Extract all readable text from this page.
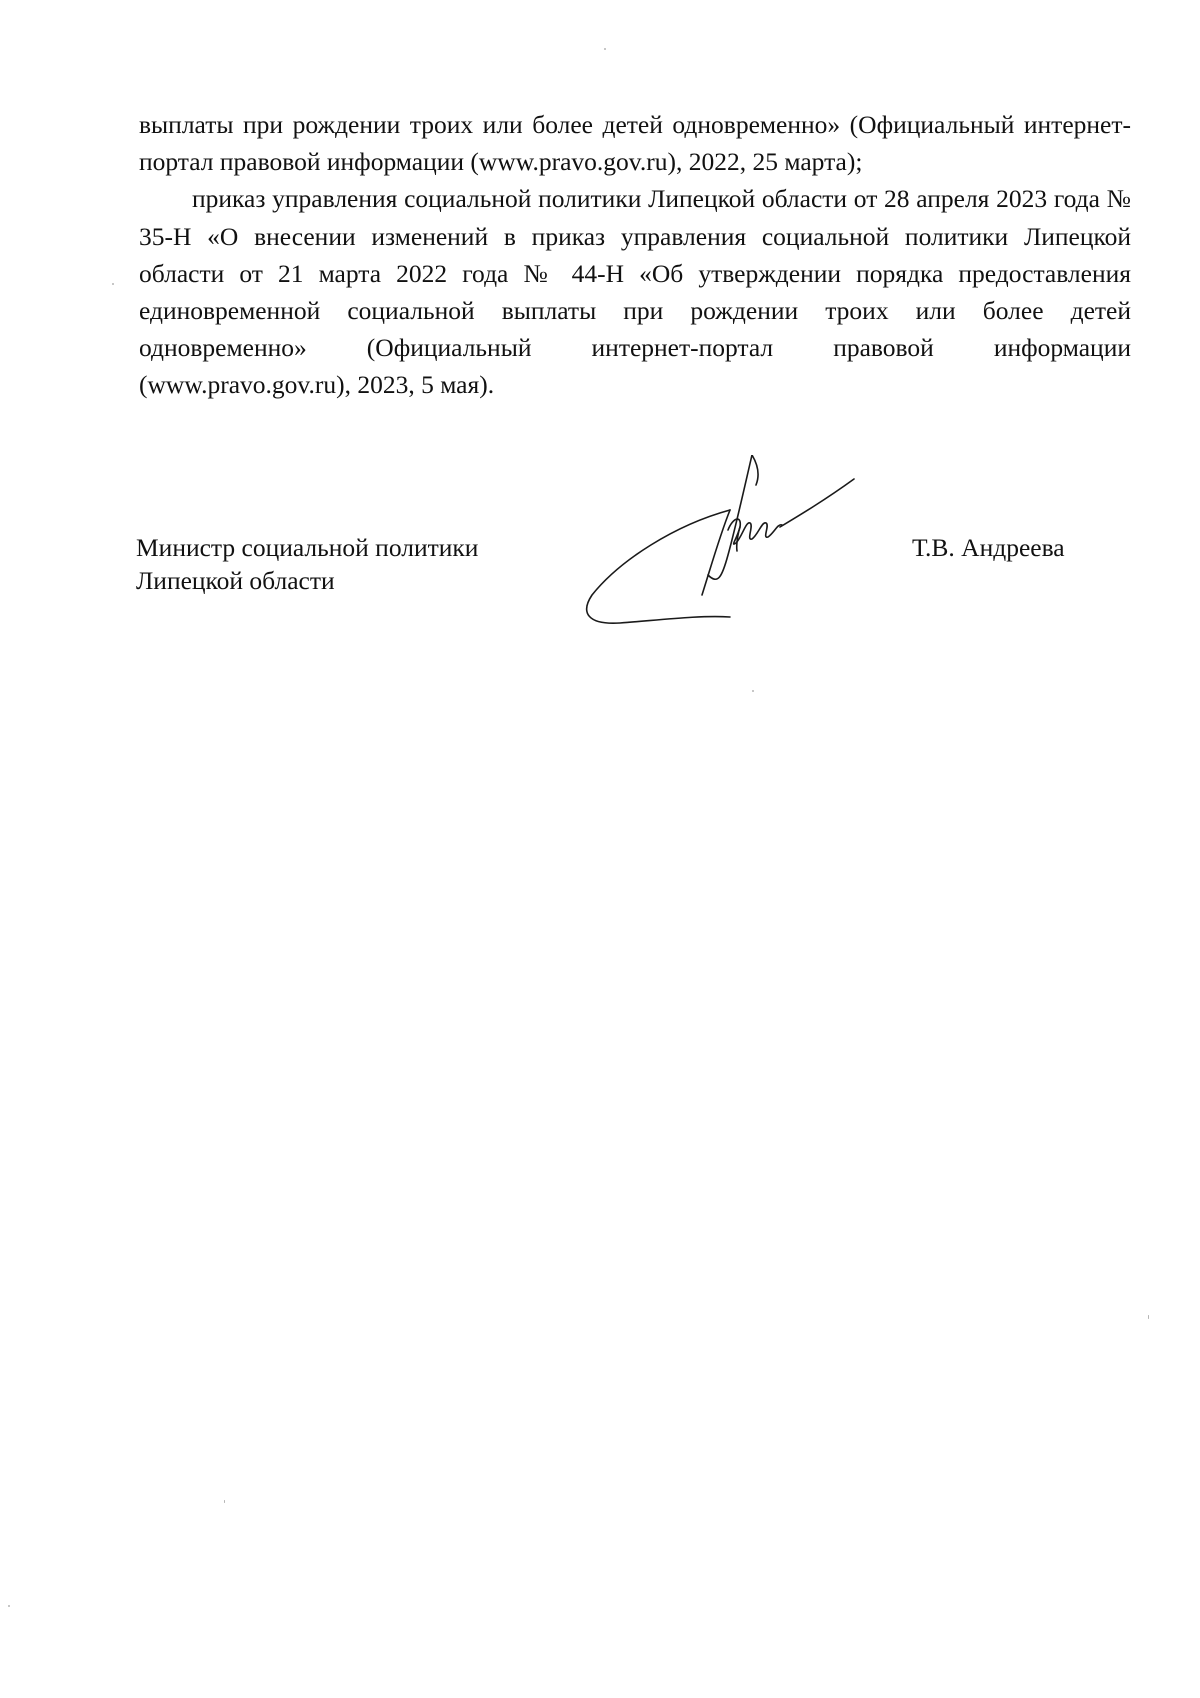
выплаты при рождении троих или более детей одновременно» (Официальный интернет-портал правовой информации (www.pravo.gov.ru), 2022, 25 марта);

приказ управления социальной политики Липецкой области от 28 апреля 2023 года № 35-Н «О внесении изменений в приказ управления социальной политики Липецкой области от 21 марта 2022 года № 44-Н «Об утверждении порядка предоставления единовременной социальной выплаты при рождении троих или более детей одновременно» (Официальный интернет-портал правовой информации (www.pravo.gov.ru), 2023, 5 мая).

Министр социальной политики
Липецкой области
Т.В. Андреева
